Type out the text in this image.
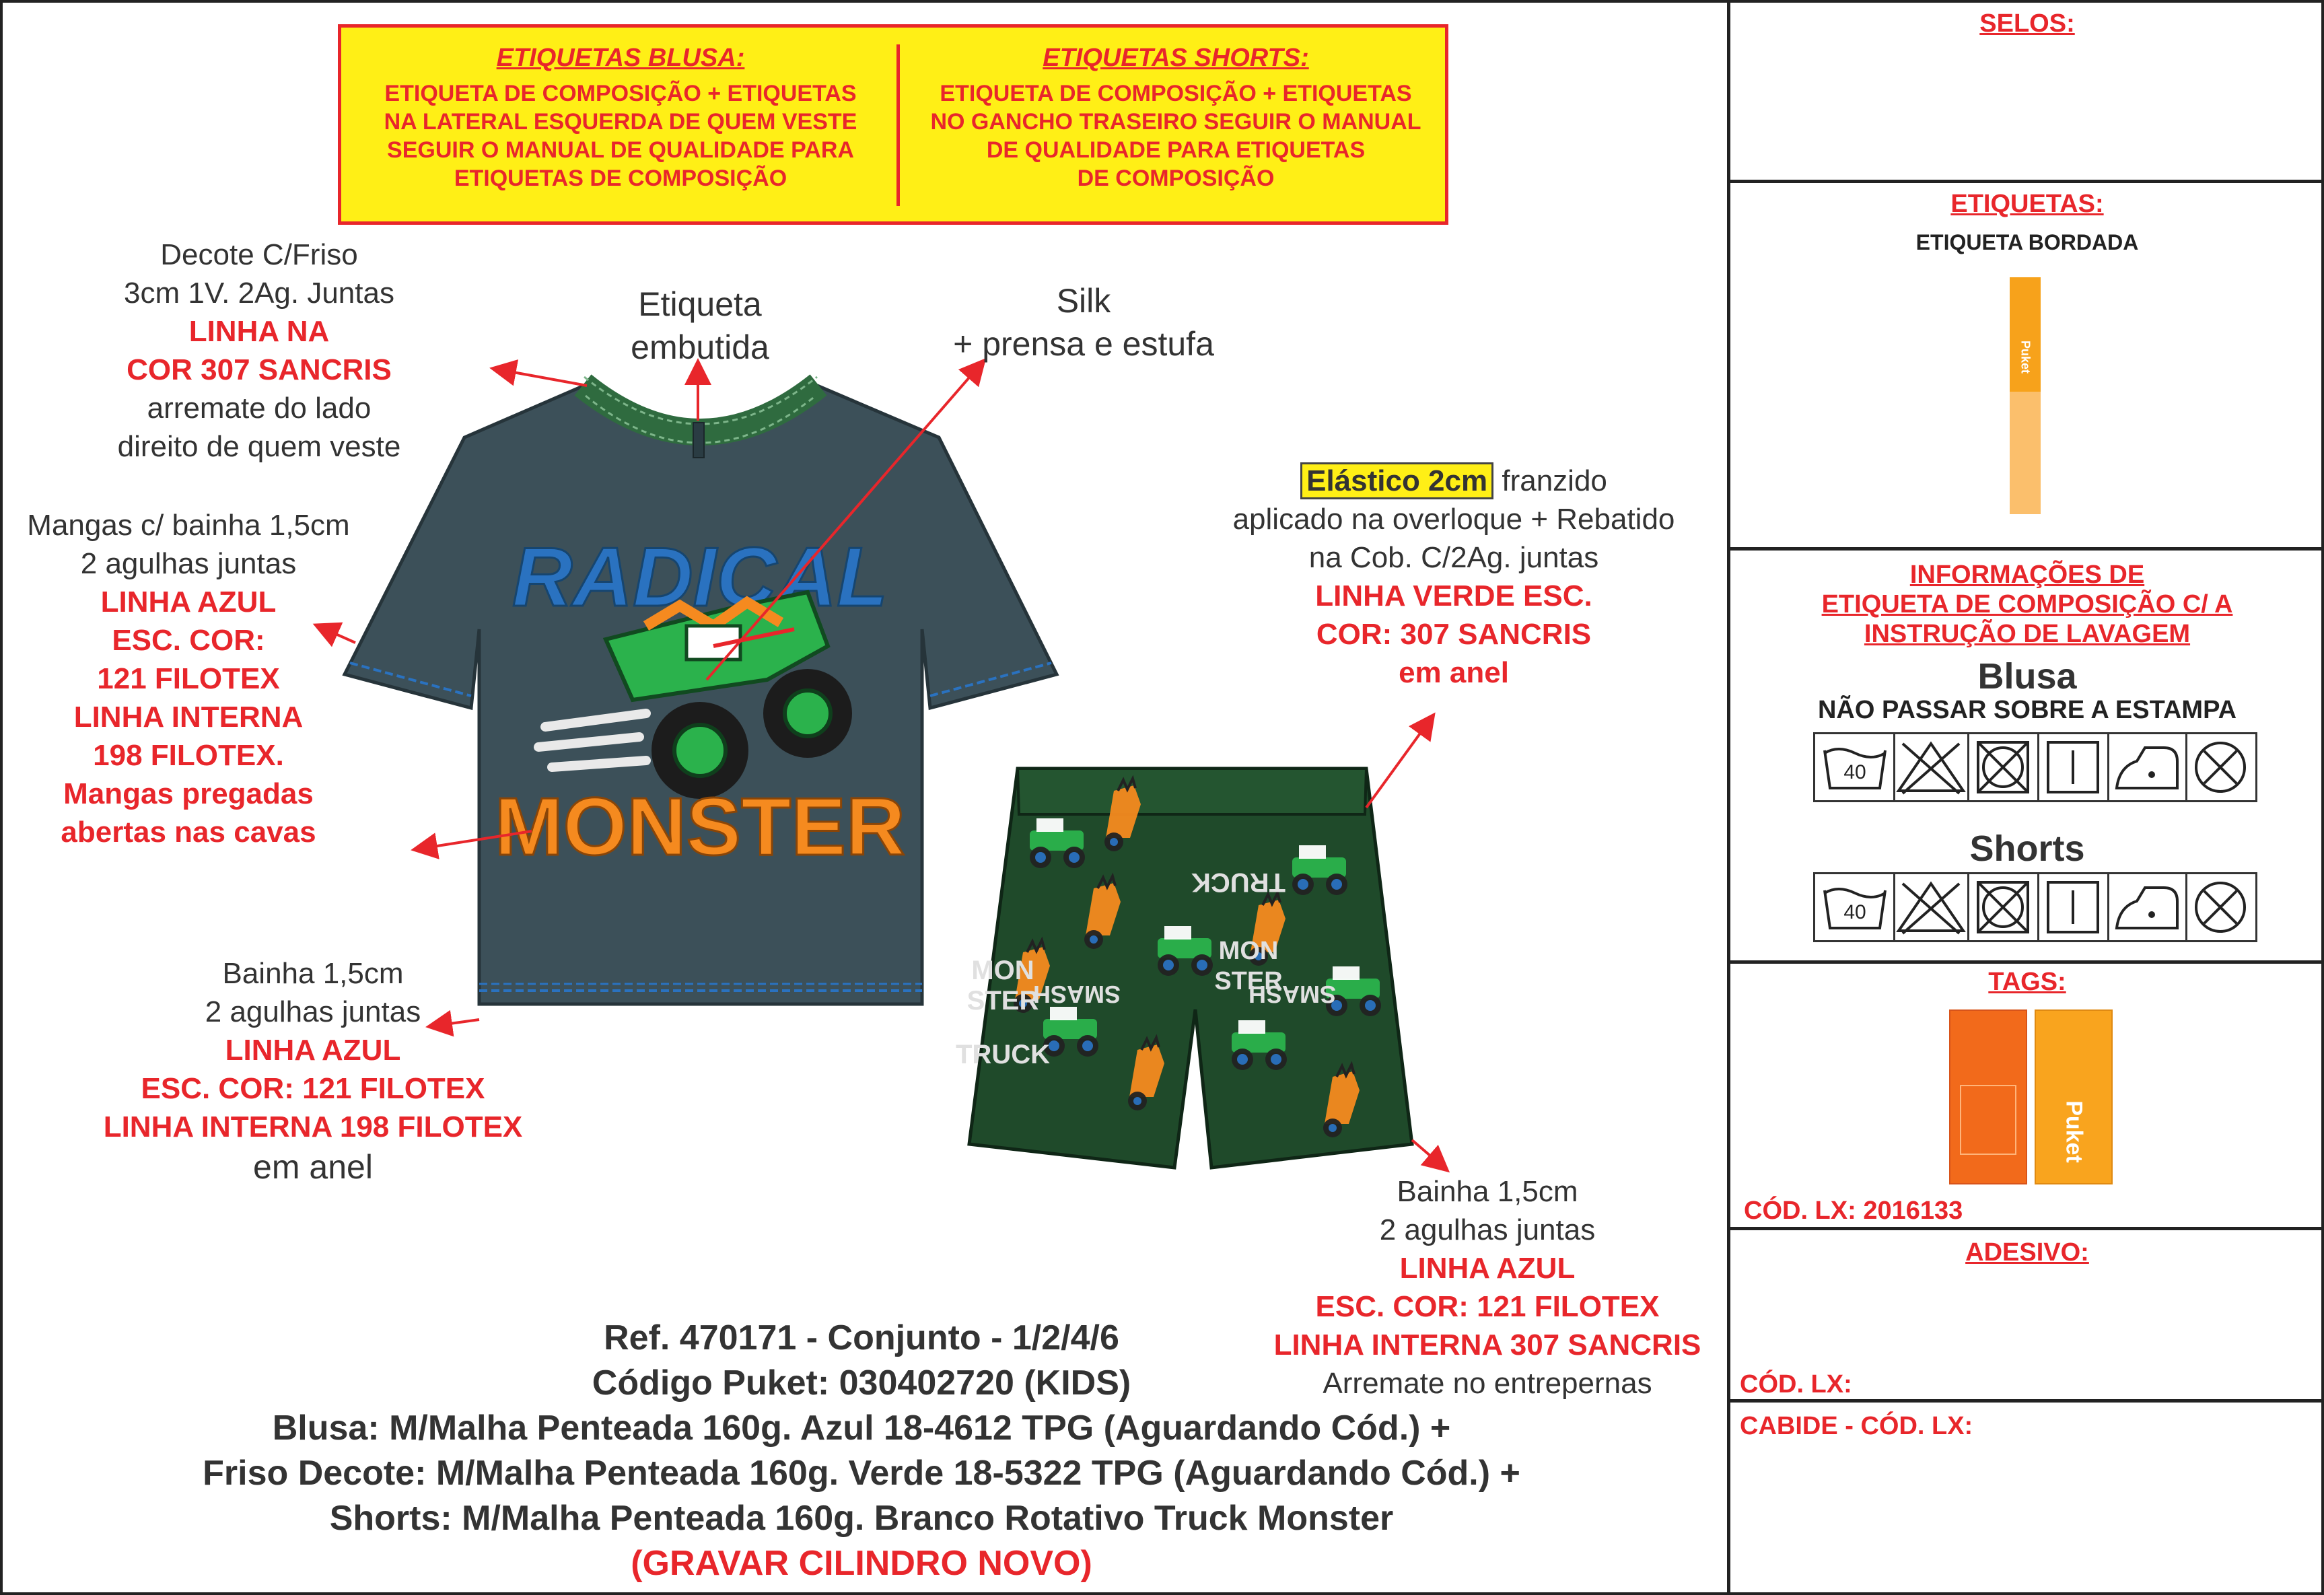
ETIQUETAS BLUSA:
ETIQUETA DE COMPOSIÇÃO + ETIQUETAS
NA LATERAL ESQUERDA DE QUEM VESTE
SEGUIR O MANUAL DE QUALIDADE PARA
ETIQUETAS DE COMPOSIÇÃO
ETIQUETAS SHORTS:
ETIQUETA DE COMPOSIÇÃO + ETIQUETAS
NO GANCHO TRASEIRO SEGUIR O MANUAL
DE QUALIDADE PARA ETIQUETAS
DE COMPOSIÇÃO
RADICAL
MONSTER
TRUCK
MON
STER
SMASH
TRUCK
SMASH
MON
STER
Decote C/Friso
3cm 1V. 2Ag. Juntas
LINHA NA
COR 307 SANCRIS
arremate do lado
direito de quem veste
Etiqueta
embutida
Silk
+ prensa e estufa
Mangas c/ bainha 1,5cm
2 agulhas juntas
LINHA AZUL
ESC. COR:
121 FILOTEX
LINHA INTERNA
198 FILOTEX.
Mangas pregadas
abertas nas cavas
Bainha 1,5cm
2 agulhas juntas
LINHA AZUL
ESC. COR: 121 FILOTEX
LINHA INTERNA 198 FILOTEX
em anel
Elástico 2cm franzido
aplicado na overloque + Rebatido
na Cob. C/2Ag. juntas
LINHA VERDE ESC.
COR: 307 SANCRIS
em anel
Bainha 1,5cm
2 agulhas juntas
LINHA AZUL
ESC. COR: 121 FILOTEX
LINHA INTERNA 307 SANCRIS
Arremate no entrepernas
Ref. 470171 - Conjunto - 1/2/4/6
Código Puket: 030402720 (KIDS)
Blusa: M/Malha Penteada 160g. Azul 18-4612 TPG (Aguardando Cód.) +
Friso Decote: M/Malha Penteada 160g. Verde 18-5322 TPG (Aguardando Cód.) +
Shorts: M/Malha Penteada 160g. Branco Rotativo Truck Monster
(GRAVAR CILINDRO NOVO)
SELOS:
ETIQUETAS:
ETIQUETA BORDADA
Puket
INFORMAÇÕES DE
ETIQUETA DE COMPOSIÇÃO C/ A
INSTRUÇÃO DE LAVAGEM
Blusa
NÃO PASSAR SOBRE A ESTAMPA
40
Shorts
40
TAGS:
Puket
CÓD. LX: 2016133
ADESIVO:
CÓD. LX:
CABIDE - CÓD. LX:
